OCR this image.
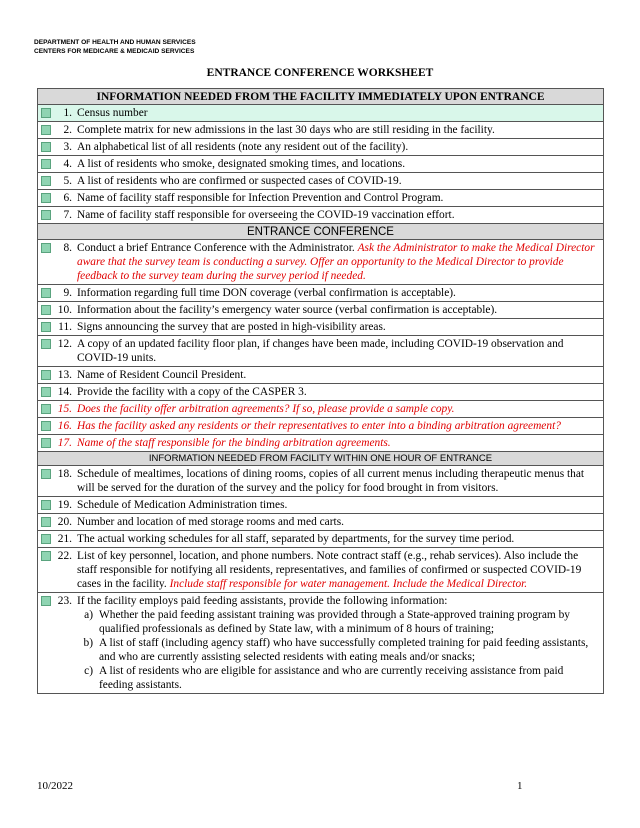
DEPARTMENT OF HEALTH AND HUMAN SERVICES
CENTERS FOR MEDICARE & MEDICAID SERVICES
ENTRANCE CONFERENCE WORKSHEET
INFORMATION NEEDED FROM THE FACILITY IMMEDIATELY UPON ENTRANCE

1. Census number

2. Complete matrix for new admissions in the last 30 days who are still residing in the facility.

3. An alphabetical list of all residents (note any resident out of the facility).

4. A list of residents who smoke, designated smoking times, and locations.

5. A list of residents who are confirmed or suspected cases of COVID-19.

6. Name of facility staff responsible for Infection Prevention and Control Program.

7. Name of facility staff responsible for overseeing the COVID-19 vaccination effort.
ENTRANCE CONFERENCE

8. Conduct a brief Entrance Conference with the Administrator. Ask the Administrator to make the Medical Director aware that the survey team is conducting a survey. Offer an opportunity to the Medical Director to provide feedback to the survey team during the survey period if needed.

9. Information regarding full time DON coverage (verbal confirmation is acceptable).

10. Information about the facility’s emergency water source (verbal confirmation is acceptable).

11. Signs announcing the survey that are posted in high-visibility areas.

12. A copy of an updated facility floor plan, if changes have been made, including COVID-19 observation and COVID-19 units.

13. Name of Resident Council President.

14. Provide the facility with a copy of the CASPER 3.

15. Does the facility offer arbitration agreements? If so, please provide a sample copy.

16. Has the facility asked any residents or their representatives to enter into a binding arbitration agreement?

17. Name of the staff responsible for the binding arbitration agreements.
INFORMATION NEEDED FROM FACILITY WITHIN ONE HOUR OF ENTRANCE

18. Schedule of mealtimes, locations of dining rooms, copies of all current menus including therapeutic menus that will be served for the duration of the survey and the policy for food brought in from visitors.

19. Schedule of Medication Administration times.

20. Number and location of med storage rooms and med carts.

21. The actual working schedules for all staff, separated by departments, for the survey time period.

22. List of key personnel, location, and phone numbers. Note contract staff (e.g., rehab services). Also include the staff responsible for notifying all residents, representatives, and families of confirmed or suspected COVID-19 cases in the facility. Include staff responsible for water management. Include the Medical Director.

23. If the facility employs paid feeding assistants, provide the following information:
a) Whether the paid feeding assistant training was provided through a State-approved training program by qualified professionals as defined by State law, with a minimum of 8 hours of training;
b) A list of staff (including agency staff) who have successfully completed training for paid feeding assistants, and who are currently assisting selected residents with eating meals and/or snacks;
c) A list of residents who are eligible for assistance and who are currently receiving assistance from paid feeding assistants.
10/2022	1
